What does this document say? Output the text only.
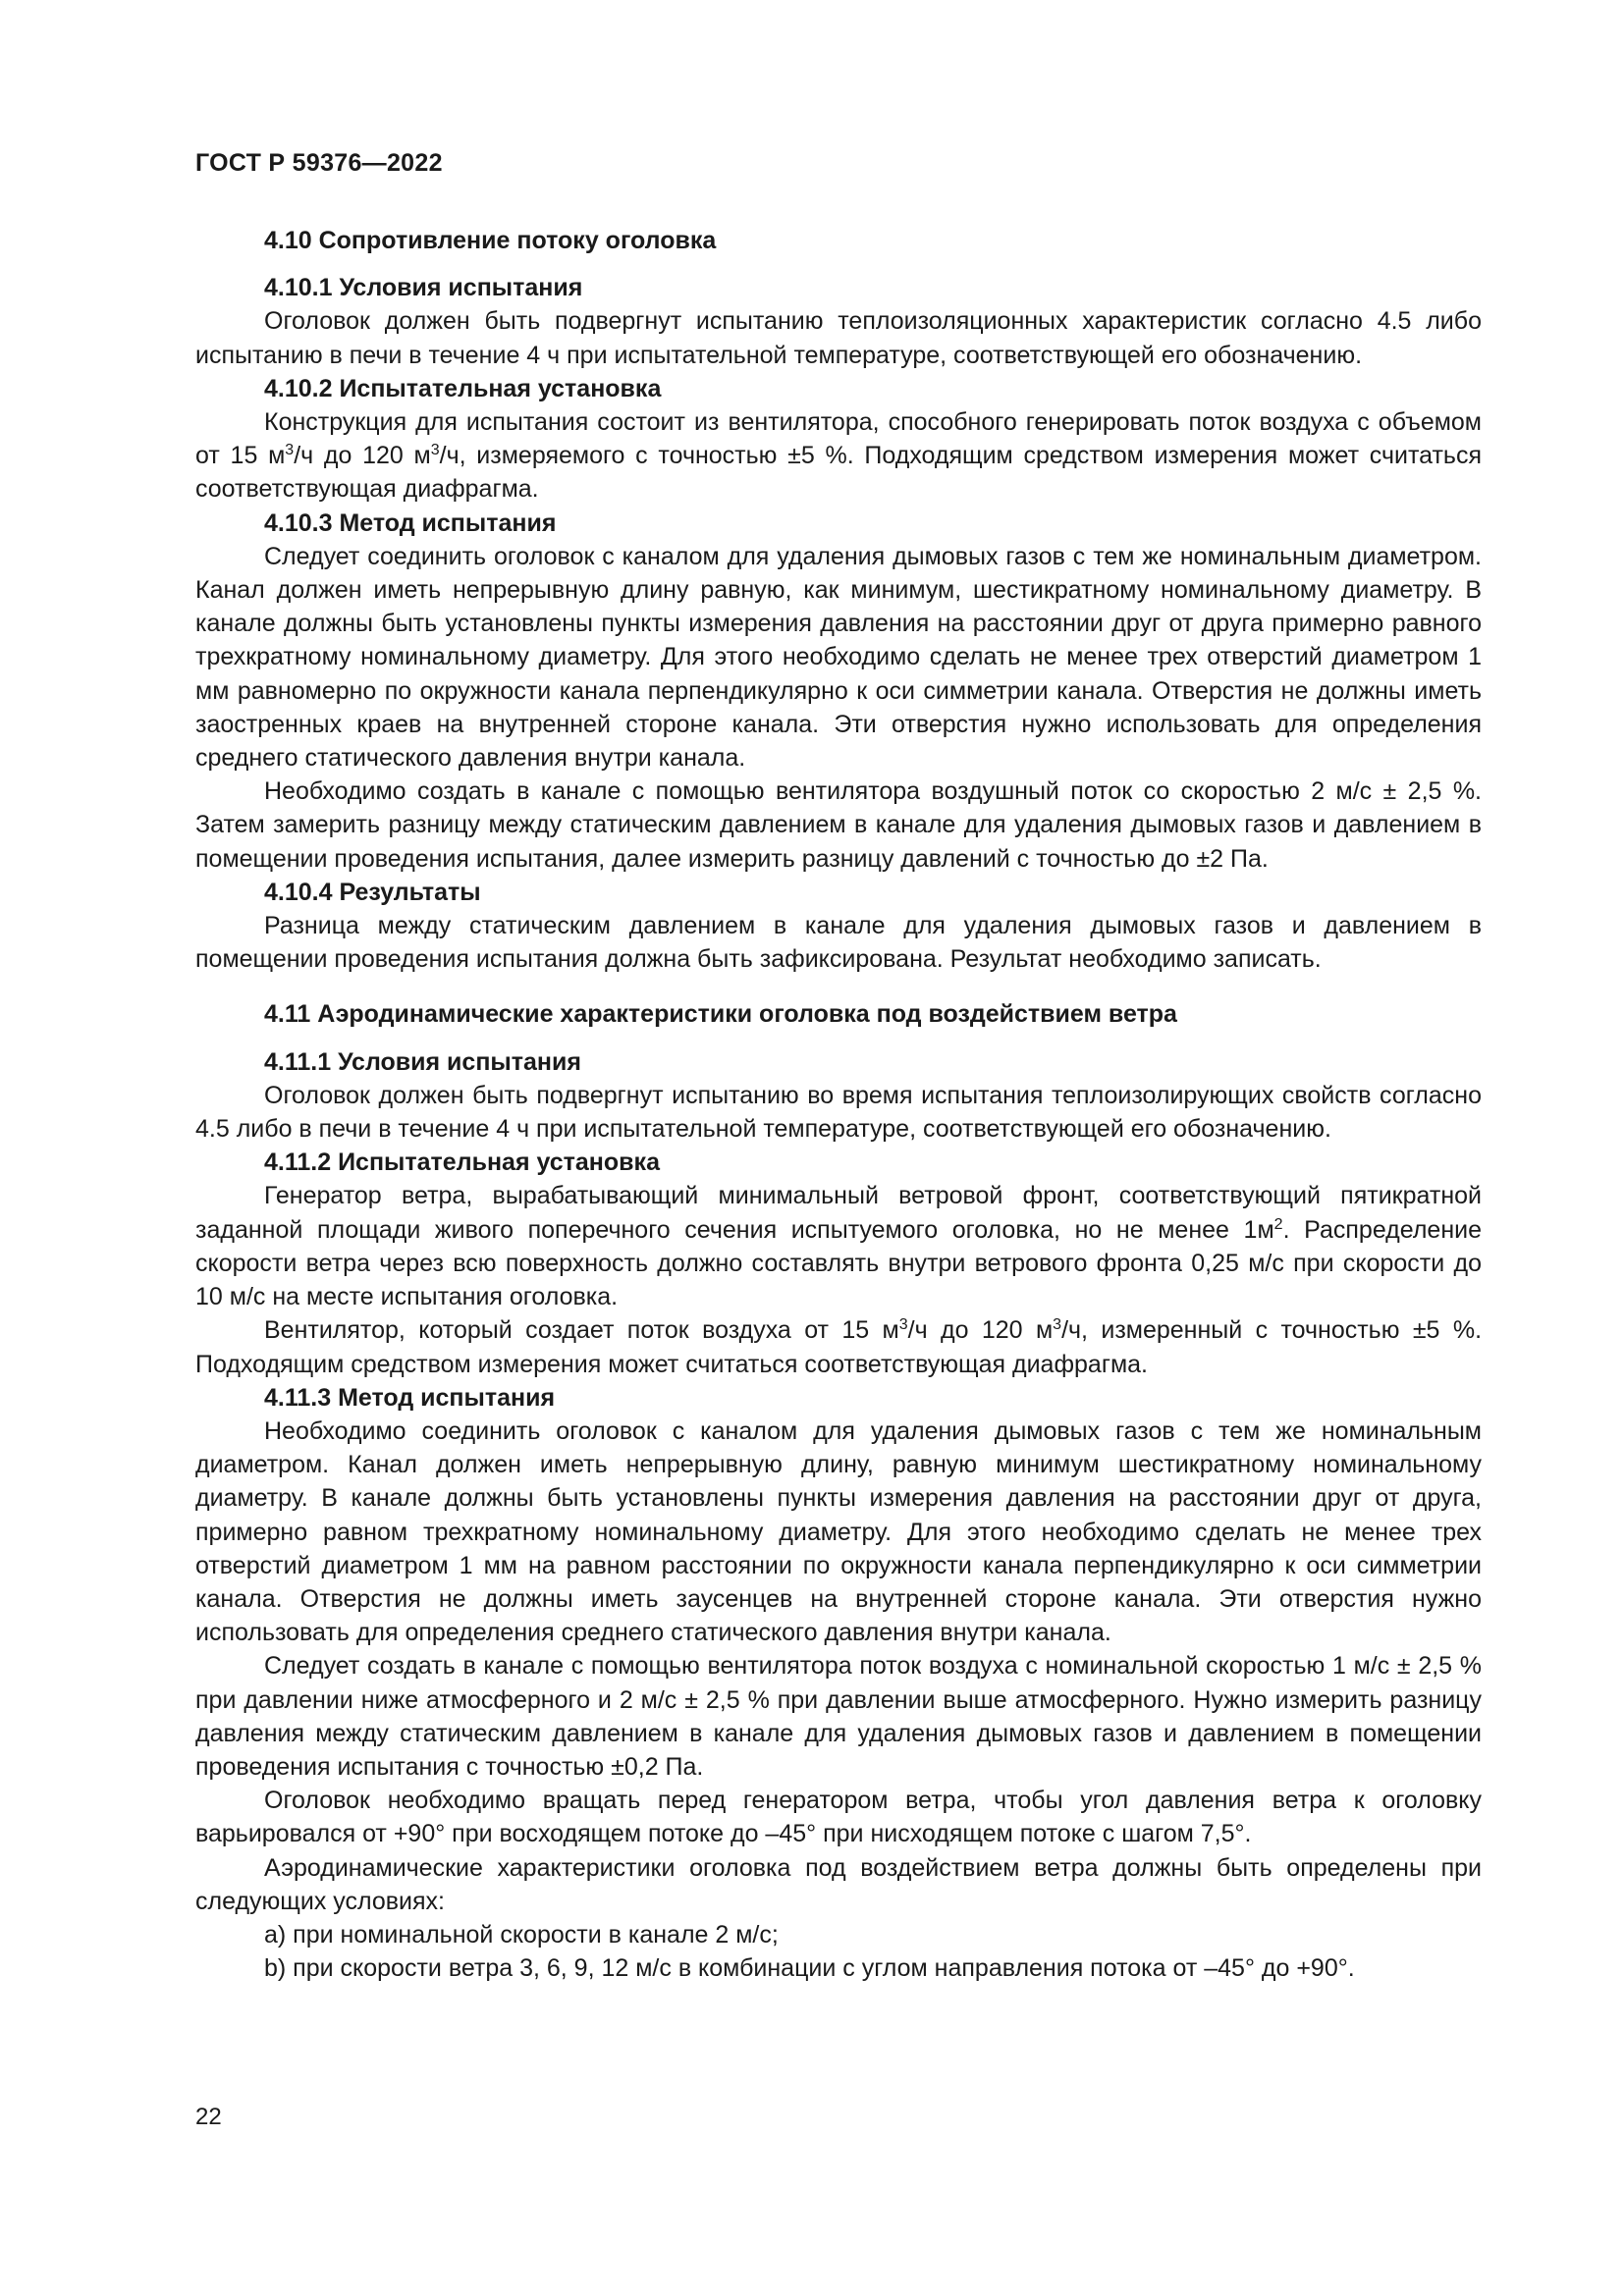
ГОСТ Р 59376—2022
4.10 Сопротивление потоку оголовка
4.10.1 Условия испытания

Оголовок должен быть подвергнут испытанию теплоизоляционных характеристик согласно 4.5 либо испытанию в печи в течение 4 ч при испытательной температуре, соответствующей его обозначению.

4.10.2 Испытательная установка

Конструкция для испытания состоит из вентилятора, способного генерировать поток воздуха с объемом от 15 $м^3/ч$ до 120 $м^3/ч$, измеряемого с точностью ±5 %. Подходящим средством измерения может считаться соответствующая диафрагма.

4.10.3 Метод испытания

Следует соединить оголовок с каналом для удаления дымовых газов с тем же номинальным диаметром. Канал должен иметь непрерывную длину равную, как минимум, шестикратному номинальному диаметру. В канале должны быть установлены пункты измерения давления на расстоянии друг от друга примерно равного трехкратному номинальному диаметру. Для этого необходимо сделать не менее трех отверстий диаметром 1 мм равномерно по окружности канала перпендикулярно к оси симметрии канала. Отверстия не должны иметь заостренных краев на внутренней стороне канала. Эти отверстия нужно использовать для определения среднего статического давления внутри канала.

Необходимо создать в канале с помощью вентилятора воздушный поток со скоростью 2 м/с ± 2,5 %. Затем замерить разницу между статическим давлением в канале для удаления дымовых газов и давлением в помещении проведения испытания, далее измерить разницу давлений с точностью до ±2 Па.

4.10.4 Результаты

Разница между статическим давлением в канале для удаления дымовых газов и давлением в помещении проведения испытания должна быть зафиксирована. Результат необходимо записать.

4.11 Аэродинамические характеристики оголовка под воздействием ветра
4.11.1 Условия испытания

Оголовок должен быть подвергнут испытанию во время испытания теплоизолирующих свойств согласно 4.5 либо в печи в течение 4 ч при испытательной температуре, соответствующей его обозначению.

4.11.2 Испытательная установка

Генератор ветра, вырабатывающий минимальный ветровой фронт, соответствующий пятикратной заданной площади живого поперечного сечения испытуемого оголовка, но не менее $1м^2$. Распределение скорости ветра через всю поверхность должно составлять внутри ветрового фронта 0,25 м/с при скорости до 10 м/с на месте испытания оголовка.

Вентилятор, который создает поток воздуха от 15 $м^3/ч$ до 120 $м^3/ч$, измеренный с точностью ±5 %. Подходящим средством измерения может считаться соответствующая диафрагма.

4.11.3 Метод испытания

Необходимо соединить оголовок с каналом для удаления дымовых газов с тем же номинальным диаметром. Канал должен иметь непрерывную длину, равную минимум шестикратному номинальному диаметру. В канале должны быть установлены пункты измерения давления на расстоянии друг от друга, примерно равном трехкратному номинальному диаметру. Для этого необходимо сделать не менее трех отверстий диаметром 1 мм на равном расстоянии по окружности канала перпендикулярно к оси симметрии канала. Отверстия не должны иметь заусенцев на внутренней стороне канала. Эти отверстия нужно использовать для определения среднего статического давления внутри канала.

Следует создать в канале с помощью вентилятора поток воздуха с номинальной скоростью 1 м/с ± 2,5 % при давлении ниже атмосферного и 2 м/с ± 2,5 % при давлении выше атмосферного. Нужно измерить разницу давления между статическим давлением в канале для удаления дымовых газов и давлением в помещении проведения испытания с точностью ±0,2 Па.

Оголовок необходимо вращать перед генератором ветра, чтобы угол давления ветра к оголовку варьировался от +90° при восходящем потоке до –45° при нисходящем потоке с шагом 7,5°.

Аэродинамические характеристики оголовка под воздействием ветра должны быть определены при следующих условиях:

a) при номинальной скорости в канале 2 м/с;

b) при скорости ветра 3, 6, 9, 12 м/с в комбинации с углом направления потока от –45° до +90°.

22
